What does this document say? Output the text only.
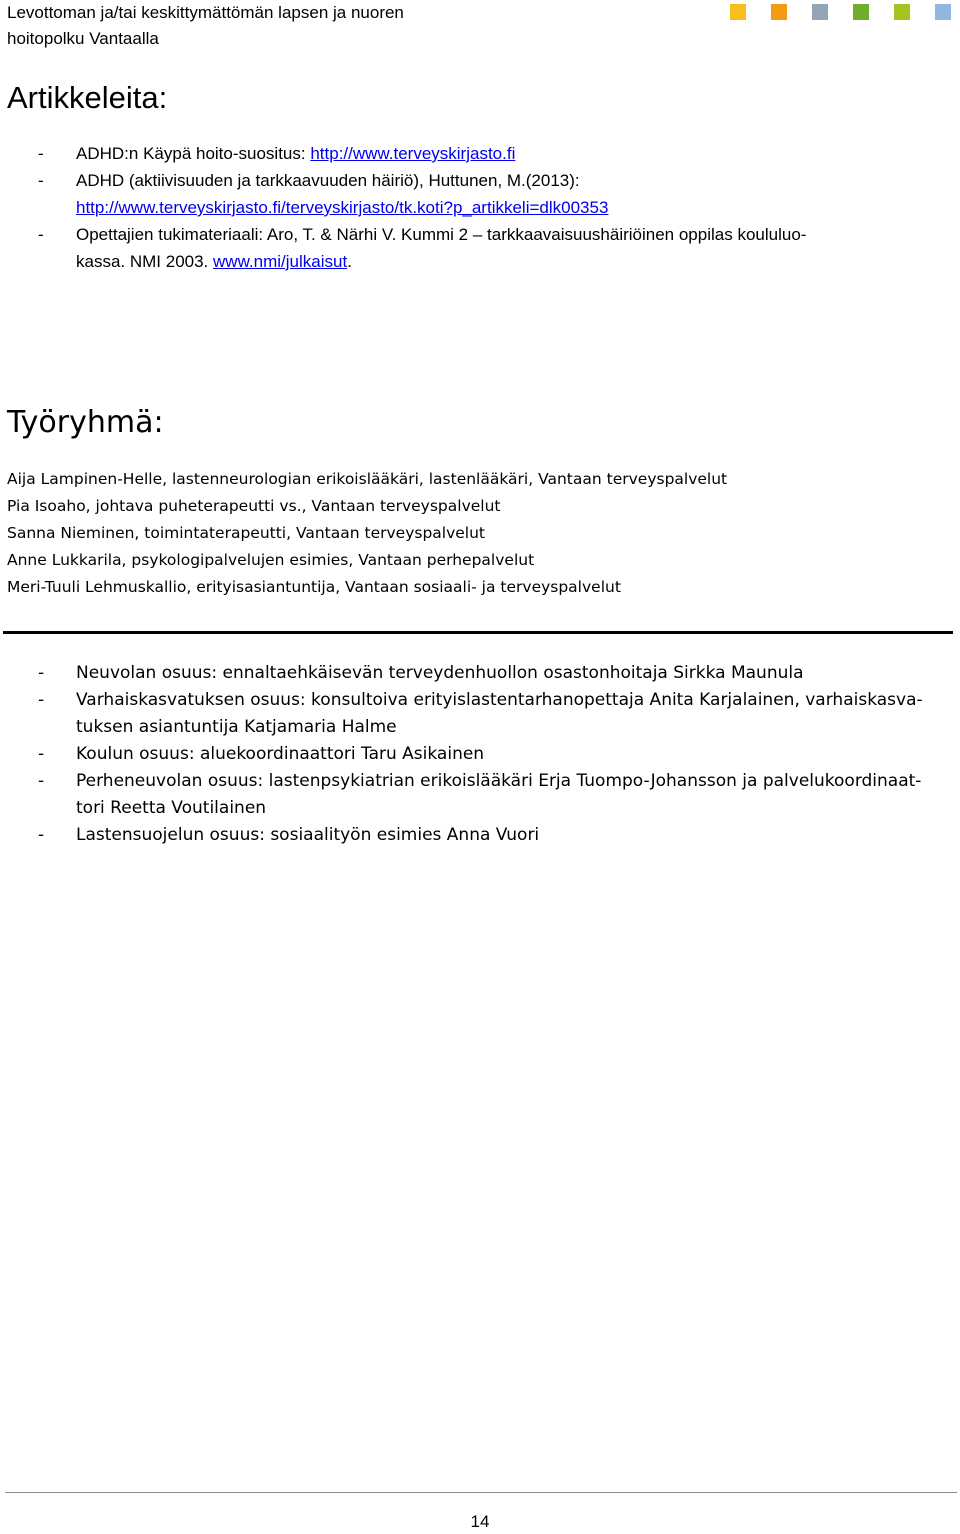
Levottoman ja/tai keskittymättömän lapsen ja nuoren
hoitopolku Vantaalla
Artikkeleita:
- ADHD:n Käypä hoito-suositus: http://www.terveyskirjasto.fi
- ADHD (aktiivisuuden ja tarkkaavuuden häiriö), Huttunen, M.(2013):
http://www.terveyskirjasto.fi/terveyskirjasto/tk.koti?p_artikkeli=dlk00353
- Opettajien tukimateriaali: Aro, T. & Närhi V. Kummi 2 – tarkkaavaisuushäiriöinen oppilas koululuo-
kassa. NMI 2003. www.nmi/julkaisut.
Työryhmä:
Aija Lampinen-Helle, lastenneurologian erikoislääkäri, lastenlääkäri, Vantaan terveyspalvelut
Pia Isoaho, johtava puheterapeutti vs., Vantaan terveyspalvelut
Sanna Nieminen, toimintaterapeutti, Vantaan terveyspalvelut
Anne Lukkarila, psykologipalvelujen esimies, Vantaan perhepalvelut
Meri-Tuuli Lehmuskallio, erityisasiantuntija, Vantaan sosiaali- ja terveyspalvelut
- Neuvolan osuus: ennaltaehkäisevän terveydenhuollon osastonhoitaja Sirkka Maunula
- Varhaiskasvatuksen osuus: konsultoiva erityislastentarhanopettaja Anita Karjalainen, varhaiskasva-
tuksen asiantuntija Katjamaria Halme
- Koulun osuus: aluekoordinaattori Taru Asikainen
- Perheneuvolan osuus: lastenpsykiatrian erikoislääkäri Erja Tuompo-Johansson ja palvelukoordinaat-
tori Reetta Voutilainen
- Lastensuojelun osuus: sosiaalityön esimies Anna Vuori
14
